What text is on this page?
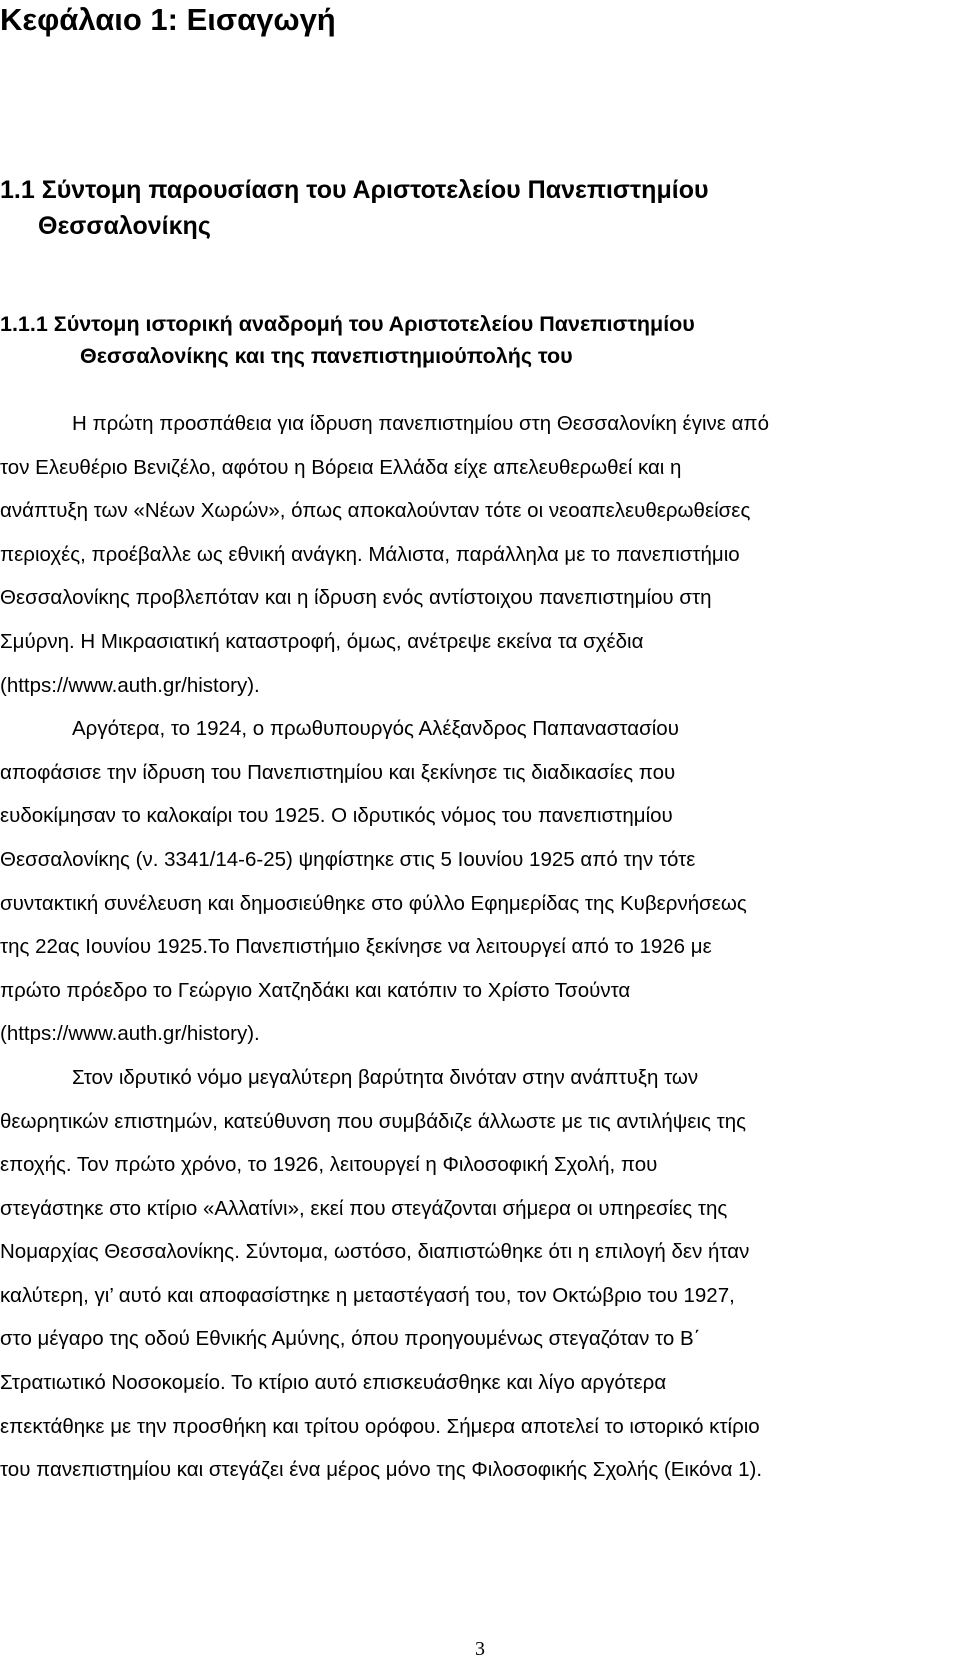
Κεφάλαιο 1: Εισαγωγή
1.1 Σύντομη παρουσίαση του Αριστοτελείου Πανεπιστημίου
Θεσσαλονίκης
1.1.1 Σύντομη ιστορική αναδρομή του Αριστοτελείου Πανεπιστημίου
Θεσσαλονίκης και της πανεπιστημιούπολής του
Η πρώτη προσπάθεια για ίδρυση πανεπιστημίου στη Θεσσαλονίκη έγινε από
τον Ελευθέριο Βενιζέλο, αφότου η Βόρεια Ελλάδα είχε απελευθερωθεί και η
ανάπτυξη των «Νέων Χωρών», όπως αποκαλούνταν τότε οι νεοαπελευθερωθείσες
περιοχές, προέβαλλε ως εθνική ανάγκη. Μάλιστα, παράλληλα με το πανεπιστήμιο
Θεσσαλονίκης προβλεπόταν και η ίδρυση ενός αντίστοιχου πανεπιστημίου στη
Σμύρνη. Η Μικρασιατική καταστροφή, όμως, ανέτρεψε εκείνα τα σχέδια
(https://www.auth.gr/history).
Αργότερα, το 1924, ο πρωθυπουργός Αλέξανδρος Παπαναστασίου
αποφάσισε την ίδρυση του Πανεπιστημίου και ξεκίνησε τις διαδικασίες που
ευδοκίμησαν το καλοκαίρι του 1925. Ο ιδρυτικός νόμος του πανεπιστημίου
Θεσσαλονίκης (ν. 3341/14-6-25) ψηφίστηκε στις 5 Ιουνίου 1925 από την τότε
συντακτική συνέλευση και δημοσιεύθηκε στο φύλλο Εφημερίδας της Κυβερνήσεως
της 22ας Ιουνίου 1925.Το Πανεπιστήμιο ξεκίνησε να λειτουργεί από το 1926 με
πρώτο πρόεδρο το Γεώργιο Χατζηδάκι και κατόπιν το Χρίστο Τσούντα
(https://www.auth.gr/history).
Στον ιδρυτικό νόμο μεγαλύτερη βαρύτητα δινόταν στην ανάπτυξη των
θεωρητικών επιστημών, κατεύθυνση που συμβάδιζε άλλωστε με τις αντιλήψεις της
εποχής. Τον πρώτο χρόνο, το 1926, λειτουργεί η Φιλοσοφική Σχολή, που
στεγάστηκε στο κτίριο «Αλλατίνι», εκεί που στεγάζονται σήμερα οι υπηρεσίες της
Νομαρχίας Θεσσαλονίκης. Σύντομα, ωστόσο, διαπιστώθηκε ότι η επιλογή δεν ήταν
καλύτερη, γι’ αυτό και αποφασίστηκε η μεταστέγασή του, τον Οκτώβριο του 1927,
στο μέγαρο της οδού Εθνικής Αμύνης, όπου προηγουμένως στεγαζόταν το Β΄
Στρατιωτικό Νοσοκομείο. Το κτίριο αυτό επισκευάσθηκε και λίγο αργότερα
επεκτάθηκε με την προσθήκη και τρίτου ορόφου. Σήμερα αποτελεί το ιστορικό κτίριο
του πανεπιστημίου και στεγάζει ένα μέρος μόνο της Φιλοσοφικής Σχολής (Εικόνα 1).
3
